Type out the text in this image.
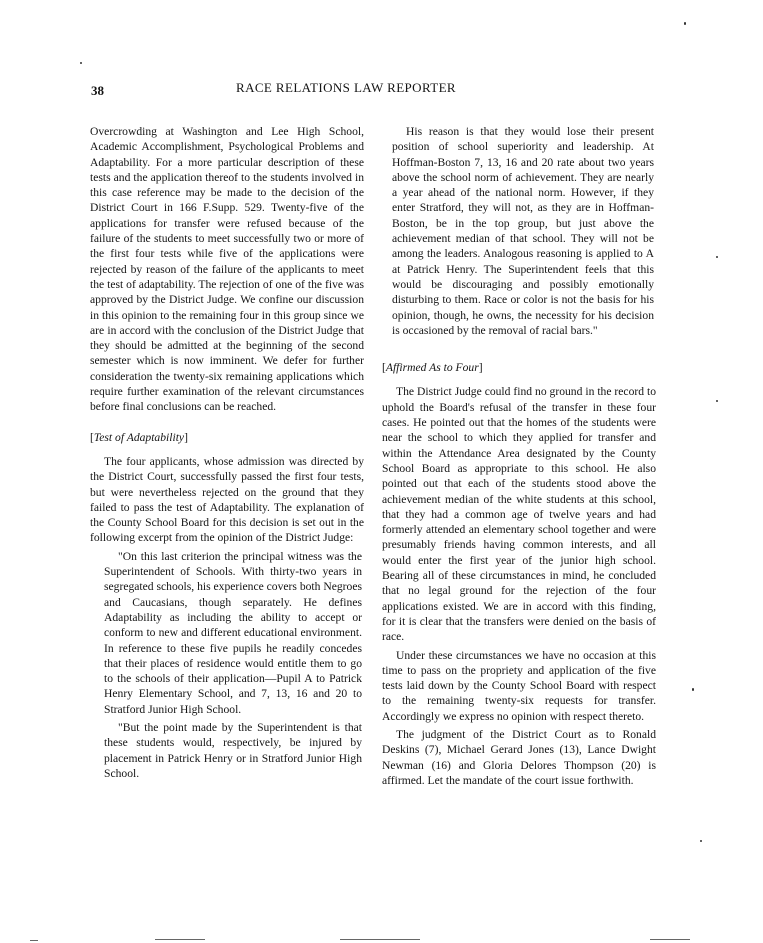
38	RACE RELATIONS LAW REPORTER

Overcrowding at Washington and Lee High School, Academic Accomplishment, Psychological Problems and Adaptability. For a more particular description of these tests and the application thereof to the students involved in this case reference may be made to the decision of the District Court in 166 F.Supp. 529. Twenty-five of the applications for transfer were refused because of the failure of the students to meet successfully two or more of the first four tests while five of the applications were rejected by reason of the failure of the applicants to meet the test of adaptability. The rejection of one of the five was approved by the District Judge. We confine our discussion in this opinion to the remaining four in this group since we are in accord with the conclusion of the District Judge that they should be admitted at the beginning of the second semester which is now imminent. We defer for further consideration the twenty-six remaining applications which require further examination of the relevant circumstances before final conclusions can be reached.

[Test of Adaptability]

The four applicants, whose admission was directed by the District Court, successfully passed the first four tests, but were nevertheless rejected on the ground that they failed to pass the test of Adaptability. The explanation of the County School Board for this decision is set out in the following excerpt from the opinion of the District Judge:

"On this last criterion the principal witness was the Superintendent of Schools. With thirty-two years in segregated schools, his experience covers both Negroes and Caucasians, though separately. He defines Adaptability as including the ability to accept or conform to new and different educational environment. In reference to these five pupils he readily concedes that their places of residence would entitle them to go to the schools of their application—Pupil A to Patrick Henry Elementary School, and 7, 13, 16 and 20 to Stratford Junior High School.

"But the point made by the Superintendent is that these students would, respectively, be injured by placement in Patrick Henry or in Stratford Junior High School.

His reason is that they would lose their present position of school superiority and leadership. At Hoffman-Boston 7, 13, 16 and 20 rate about two years above the school norm of achievement. They are nearly a year ahead of the national norm. However, if they enter Stratford, they will not, as they are in Hoffman-Boston, be in the top group, but just above the achievement median of that school. They will not be among the leaders. Analogous reasoning is applied to A at Patrick Henry. The Superintendent feels that this would be discouraging and possibly emotionally disturbing to them. Race or color is not the basis for his opinion, though, he owns, the necessity for his decision is occasioned by the removal of racial bars."

[Affirmed As to Four]

The District Judge could find no ground in the record to uphold the Board's refusal of the transfer in these four cases. He pointed out that the homes of the students were near the school to which they applied for transfer and within the Attendance Area designated by the County School Board as appropriate to this school. He also pointed out that each of the students stood above the achievement median of the white students at this school, that they had a common age of twelve years and had formerly attended an elementary school together and were presumably friends having common interests, and all would enter the first year of the junior high school. Bearing all of these circumstances in mind, he concluded that no legal ground for the rejection of the four applications existed. We are in accord with this finding, for it is clear that the transfers were denied on the basis of race.

Under these circumstances we have no occasion at this time to pass on the propriety and application of the five tests laid down by the County School Board with respect to the remaining twenty-six requests for transfer. Accordingly we express no opinion with respect thereto.

The judgment of the District Court as to Ronald Deskins (7), Michael Gerard Jones (13), Lance Dwight Newman (16) and Gloria Delores Thompson (20) is affirmed. Let the mandate of the court issue forthwith.
